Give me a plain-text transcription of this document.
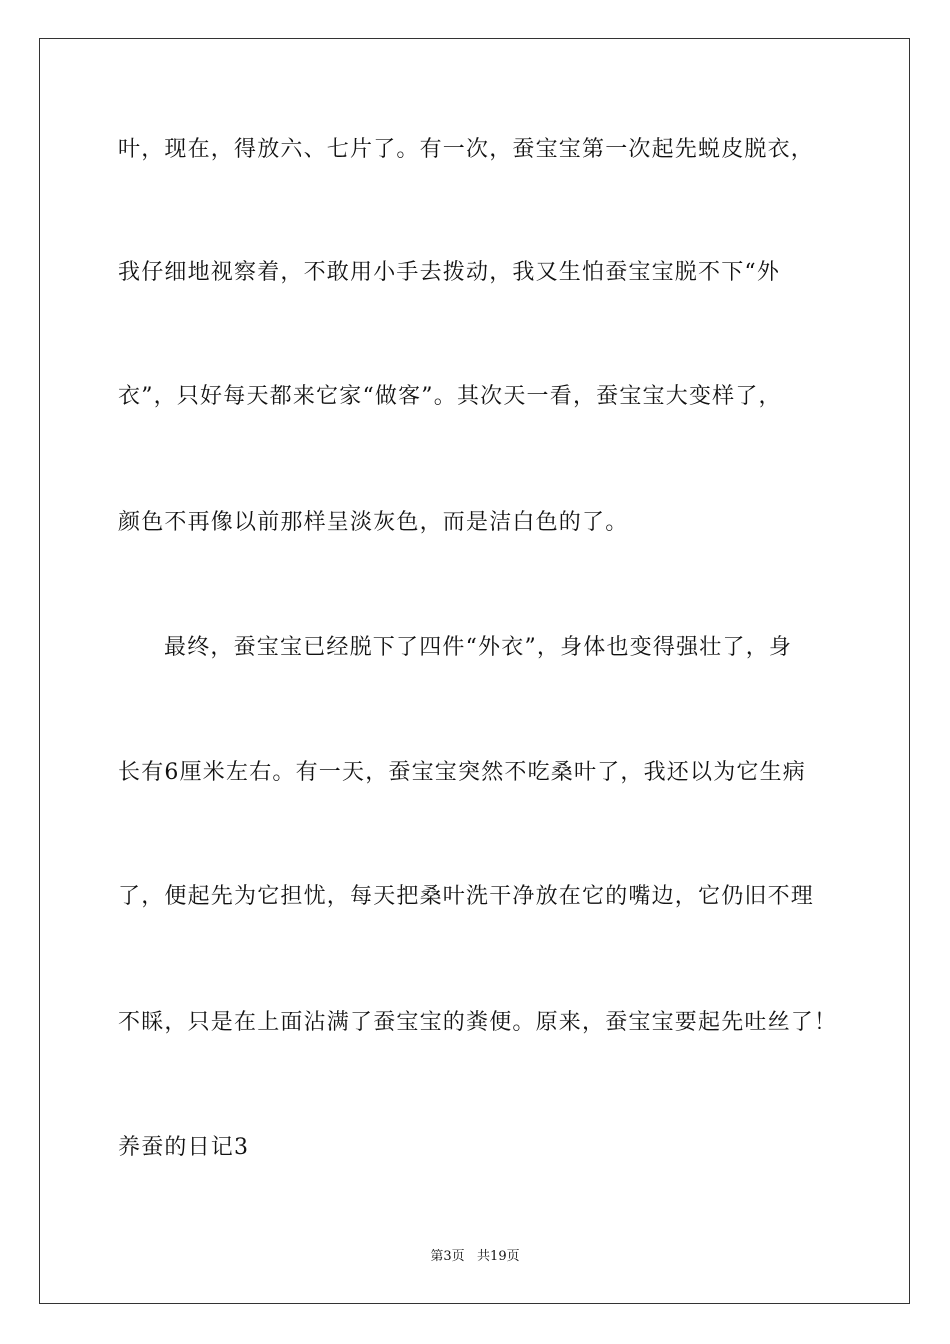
叶，现在，得放六、七片了。有一次，蚕宝宝第一次起先蜕皮脱衣，
我仔细地视察着，不敢用小手去拨动，我又生怕蚕宝宝脱不下“外
衣”，只好每天都来它家“做客”。其次天一看，蚕宝宝大变样了，
颜色不再像以前那样呈淡灰色，而是洁白色的了。
最终，蚕宝宝已经脱下了四件“外衣”，身体也变得强壮了，身
长有6厘米左右。有一天，蚕宝宝突然不吃桑叶了，我还以为它生病
了，便起先为它担忧，每天把桑叶洗干净放在它的嘴边，它仍旧不理
不睬，只是在上面沾满了蚕宝宝的粪便。原来，蚕宝宝要起先吐丝了！
养蚕的日记3
第3页   共19页
